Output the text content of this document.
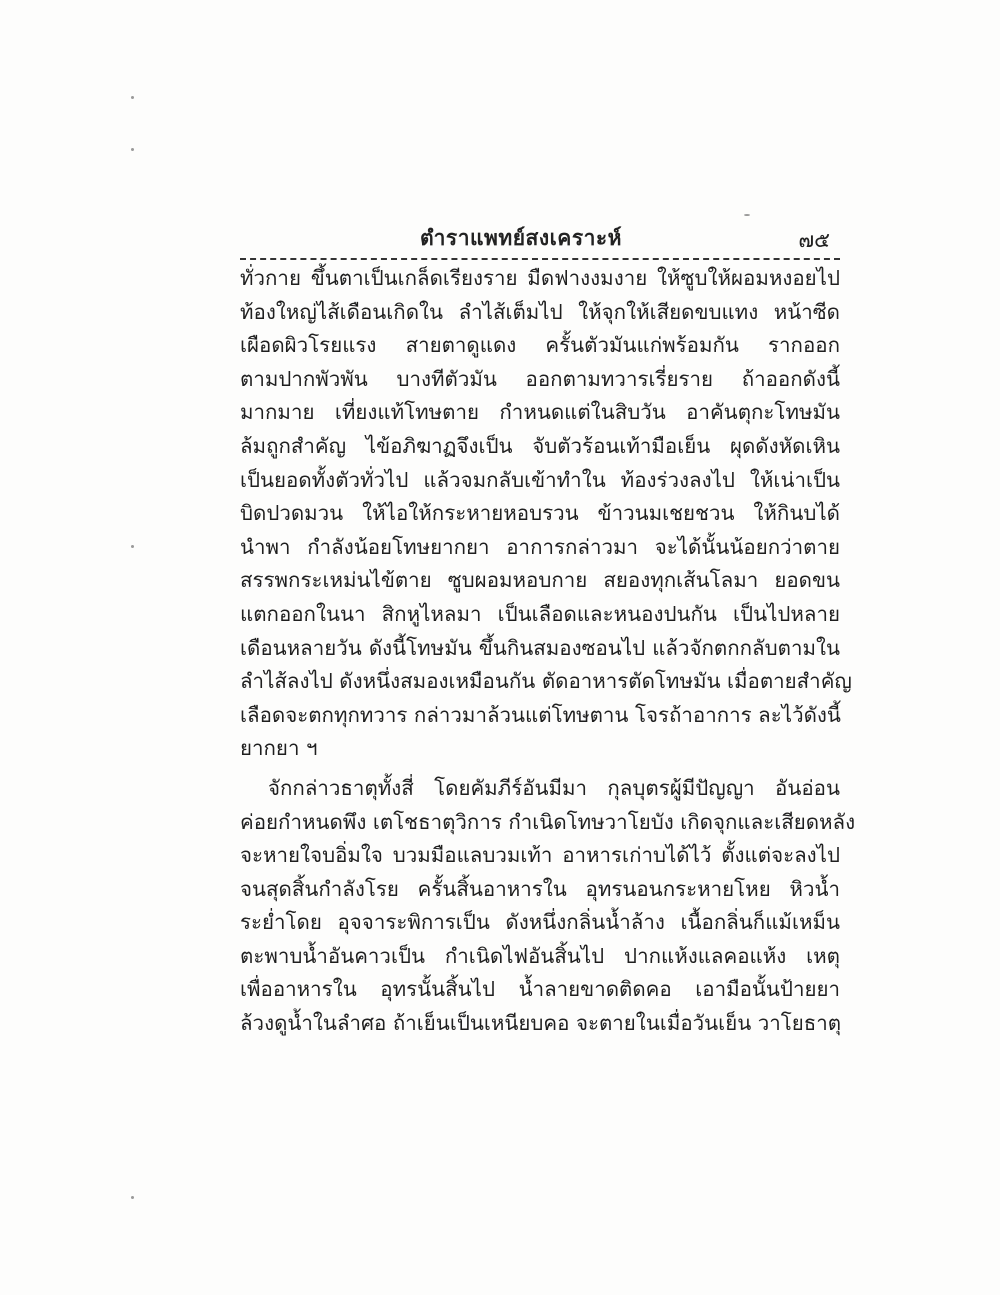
ตำราแพทย์สงเคราะห์	๗๕
ทั่วกาย ขึ้นตาเป็นเกล็ดเรียงราย มืดฟางงมงาย ให้ซูบให้ผอมหงอยไป
ท้องใหญ่ไส้เดือนเกิดใน ลำไส้เต็มไป ให้จุกให้เสียดขบแทง หน้าซีด
เผือดผิวโรยแรง สายตาดูแดง ครั้นตัวมันแก่พร้อมกัน รากออก
ตามปากพัวพัน บางทีตัวมัน ออกตามทวารเรี่ยราย ถ้าออกดังนี้
มากมาย เที่ยงแท้โทษตาย กำหนดแต่ในสิบวัน อาคันตุกะโทษมัน
ล้มถูกสำคัญ ไข้อภิฆาฏจึงเป็น จับตัวร้อนเท้ามือเย็น ผุดดังหัดเหิน
เป็นยอดทั้งตัวทั่วไป แล้วจมกลับเข้าทำใน ท้องร่วงลงไป ให้เน่าเป็น
บิดปวดมวน ให้ไอให้กระหายหอบรวน ข้าวนมเชยชวน ให้กินบได้
นำพา กำลังน้อยโทษยากยา อาการกล่าวมา จะได้นั้นน้อยกว่าตาย
สรรพกระเหม่นไข้ตาย ซูบผอมหอบกาย สยองทุกเส้นโลมา ยอดขน
แตกออกในนา สิกหูไหลมา เป็นเลือดและหนองปนกัน เป็นไปหลาย
เดือนหลายวัน ดังนี้โทษมัน ขึ้นกินสมองซอนไป แล้วจักตกกลับตามใน
ลำไส้ลงไป ดังหนึ่งสมองเหมือนกัน ตัดอาหารตัดโทษมัน เมื่อตายสำคัญ
เลือดจะตกทุกทวาร กล่าวมาล้วนแต่โทษตาน โจรถ้าอาการ ละไว้ดังนี้
ยากยา ฯ
จักกล่าวธาตุทั้งสี่ โดยคัมภีร์อันมีมา กุลบุตรผู้มีปัญญา อันอ่อน
ค่อยกำหนดพึง เตโชธาตุวิการ กำเนิดโทษวาโยบัง เกิดจุกและเสียดหลัง
จะหายใจบอิ่มใจ บวมมือแลบวมเท้า อาหารเก่าบได้ไว้ ตั้งแต่จะลงไป
จนสุดสิ้นกำลังโรย ครั้นสิ้นอาหารใน อุทรนอนกระหายโหย หิวน้ำ
ระย่ำโดย อุจจาระพิการเป็น ดังหนึ่งกลิ่นน้ำล้าง เนื้อกลิ่นก็แม้เหม็น
ตะพาบน้ำอันคาวเป็น กำเนิดไฟอันสิ้นไป ปากแห้งแลคอแห้ง เหตุ
เพื่ออาหารใน อุทรนั้นสิ้นไป น้ำลายขาดติดคอ เอามือนั้นป้ายยา
ล้วงดูน้ำในลำศอ ถ้าเย็นเป็นเหนียบคอ จะตายในเมื่อวันเย็น วาโยธาตุ
